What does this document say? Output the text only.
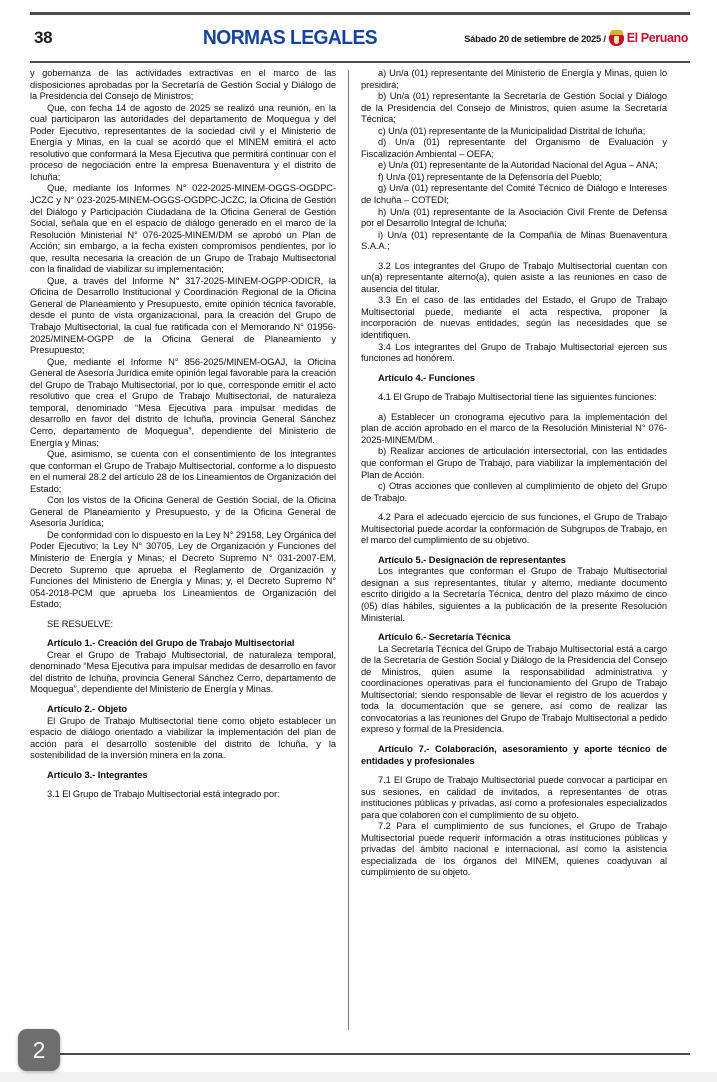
38	NORMAS LEGALES	Sábado 20 de setiembre de 2025 / El Peruano

y gobernanza de las actividades extractivas en el marco de las disposiciones aprobadas por la Secretaría de Gestión Social y Diálogo de la Presidencia del Consejo de Ministros;

Que, con fecha 14 de agosto de 2025 se realizó una reunión, en la cual participaron las autoridades del departamento de Moquegua y del Poder Ejecutivo, representantes de la sociedad civil y el Ministerio de Energía y Minas, en la cual se acordó que el MINEM emitirá el acto resolutivo que conformará la Mesa Ejecutiva que permitirá continuar con el proceso de negociación entre la empresa Buenaventura y el distrito de Ichuña;

Que, mediante los Informes N° 022-2025-MINEM-OGGS-OGDPC-JCZC y N° 023-2025-MINEM-OGGS-OGDPC-JCZC, la Oficina de Gestión del Diálogo y Participación Ciudadana de la Oficina General de Gestión Social, señala que en el espacio de diálogo generado en el marco de la Resolución Ministerial N° 076-2025-MINEM/DM se aprobó un Plan de Acción; sin embargo, a la fecha existen compromisos pendientes, por lo que, resulta necesaria la creación de un Grupo de Trabajo Multisectorial con la finalidad de viabilizar su implementación;

Que, a través del Informe N° 317-2025-MINEM-OGPP-ODICR, la Oficina de Desarrollo Institucional y Coordinación Regional de la Oficina General de Planeamiento y Presupuesto, emite opinión técnica favorable, desde el punto de vista organizacional, para la creación del Grupo de Trabajo Multisectorial, la cual fue ratificada con el Memorando N° 01956-2025/MINEM-OGPP de la Oficina General de Planeamiento y Presupuesto;

Que, mediante el Informe N° 856-2025/MINEM-OGAJ, la Oficina General de Asesoría Jurídica emite opinión legal favorable para la creación del Grupo de Trabajo Multisectorial, por lo que, corresponde emitir el acto resolutivo que crea el Grupo de Trabajo Multisectorial, de naturaleza temporal, denominado “Mesa Ejecutiva para impulsar medidas de desarrollo en favor del distrito de Ichuña, provincia General Sánchez Cerro, departamento de Moquegua”, dependiente del Ministerio de Energía y Minas;

Que, asimismo, se cuenta con el consentimiento de los integrantes que conforman el Grupo de Trabajo Multisectorial, conforme a lo dispuesto en el numeral 28.2 del artículo 28 de los Lineamientos de Organización del Estado;

Con los vistos de la Oficina General de Gestión Social, de la Oficina General de Planeamiento y Presupuesto, y de la Oficina General de Asesoría Jurídica;

De conformidad con lo dispuesto en la Ley N° 29158, Ley Orgánica del Poder Ejecutivo; la Ley N° 30705, Ley de Organización y Funciones del Ministerio de Energía y Minas; el Decreto Supremo N° 031-2007-EM, Decreto Supremo que aprueba el Reglamento de Organización y Funciones del Ministerio de Energía y Minas; y, el Decreto Supremo N° 054-2018-PCM que aprueba los Lineamientos de Organización del Estado;

SE RESUELVE:

Artículo 1.- Creación del Grupo de Trabajo Multisectorial

Crear el Grupo de Trabajo Multisectorial, de naturaleza temporal, denominado “Mesa Ejecutiva para impulsar medidas de desarrollo en favor del distrito de Ichuña, provincia General Sánchez Cerro, departamento de Moquegua”, dependiente del Ministerio de Energía y Minas.

Artículo 2.- Objeto

El Grupo de Trabajo Multisectorial tiene como objeto establecer un espacio de diálogo orientado a viabilizar la implementación del plan de acción para el desarrollo sostenible del distrito de Ichuña, y la sostenibilidad de la inversión minera en la zona.

Artículo 3.- Integrantes

3.1 El Grupo de Trabajo Multisectorial está integrado por:

a) Un/a (01) representante del Ministerio de Energía y Minas, quien lo presidirá;

b) Un/a (01) representante la Secretaría de Gestión Social y Diálogo de la Presidencia del Consejo de Ministros, quien asume la Secretaría Técnica;

c) Un/a (01) representante de la Municipalidad Distrital de Ichuña;

d) Un/a (01) representante del Organismo de Evaluación y Fiscalización Ambiental – OEFA;

e) Un/a (01) representante de la Autoridad Nacional del Agua – ANA;

f) Un/a (01) representante de la Defensoría del Pueblo;

g) Un/a (01) representante del Comité Técnico de Diálogo e Intereses de Ichuña – COTEDI;

h) Un/a (01) representante de la Asociación Civil Frente de Defensa por el Desarrollo Integral de Ichuña;

i) Un/a (01) representante de la Compañía de Minas Buenaventura S.A.A.;

3.2 Los integrantes del Grupo de Trabajo Multisectorial cuentan con un(a) representante alterno(a), quien asiste a las reuniones en caso de ausencia del titular.

3.3 En el caso de las entidades del Estado, el Grupo de Trabajo Multisectorial puede, mediante el acta respectiva, proponer la incorporación de nuevas entidades, según las necesidades que se identifiquen.

3.4 Los integrantes del Grupo de Trabajo Multisectorial ejercen sus funciones ad honórem.

Artículo 4.- Funciones

4.1 El Grupo de Trabajo Multisectorial tiene las siguientes funciones:

a) Establecer un cronograma ejecutivo para la implementación del plan de acción aprobado en el marco de la Resolución Ministerial N° 076-2025-MINEM/DM.

b) Realizar acciones de articulación intersectorial, con las entidades que conforman el Grupo de Trabajo, para viabilizar la implementación del Plan de Acción.

c) Otras acciones que conlleven al cumplimiento de objeto del Grupo de Trabajo.

4.2 Para el adecuado ejercicio de sus funciones, el Grupo de Trabajo Multisectorial puede acordar la conformación de Subgrupos de Trabajo, en el marco del cumplimiento de su objetivo.

Artículo 5.- Designación de representantes

Los integrantes que conforman el Grupo de Trabajo Multisectorial designan a sus representantes, titular y alterno, mediante documento escrito dirigido a la Secretaría Técnica, dentro del plazo máximo de cinco (05) días hábiles, siguientes a la publicación de la presente Resolución Ministerial.

Artículo 6.- Secretaría Técnica

La Secretaría Técnica del Grupo de Trabajo Multisectorial está a cargo de la Secretaría de Gestión Social y Diálogo de la Presidencia del Consejo de Ministros, quien asume la responsabilidad administrativa y coordinaciones operativas para el funcionamiento del Grupo de Trabajo Multisectorial; siendo responsable de llevar el registro de los acuerdos y toda la documentación que se genere, así como de realizar las convocatorias a las reuniones del Grupo de Trabajo Multisectorial a pedido expreso y formal de la Presidencia.

Artículo 7.- Colaboración, asesoramiento y aporte técnico de entidades y profesionales

7.1 El Grupo de Trabajo Multisectorial puede convocar a participar en sus sesiones, en calidad de invitados, a representantes de otras instituciones públicas y privadas, así como a profesionales especializados para que colaboren con el cumplimiento de su objeto.

7.2 Para el cumplimiento de sus funciones, el Grupo de Trabajo Multisectorial puede requerir información a otras instituciones públicas y privadas del ámbito nacional e internacional, así como la asistencia especializada de los órganos del MINEM, quienes coadyuvan al cumplimiento de su objeto.

2
